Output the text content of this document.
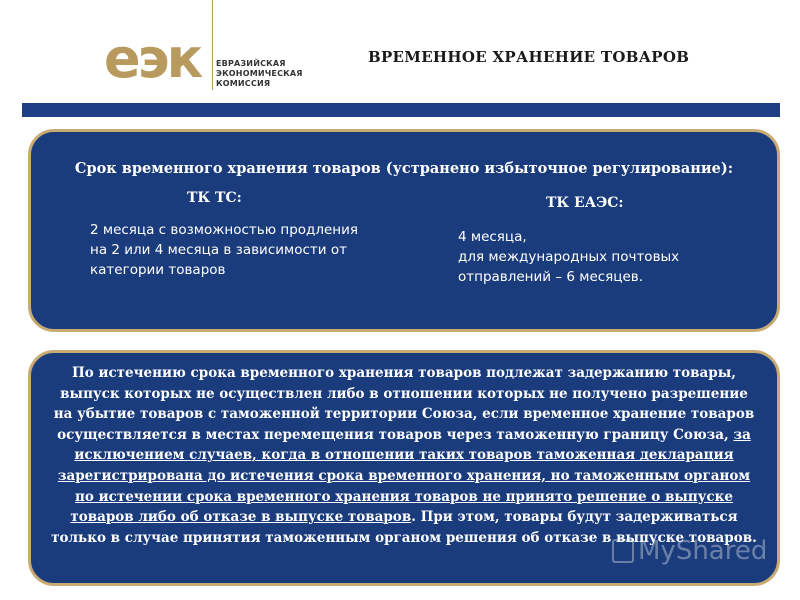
еэк ЕВРАЗИЙСКАЯ
ЭКОНОМИЧЕСКАЯ
КОМИССИЯ
ВРЕМЕННОЕ ХРАНЕНИЕ ТОВАРОВ
Срок временного хранения товаров (устранено избыточное регулирование):
ТК ТС:
2 месяца с возможностью продления на 2 или 4 месяца в зависимости от категории товаров
ТК ЕАЭС:
4 месяца,
для международных почтовых отправлений – 6 месяцев.
По истечению срока временного хранения товаров подлежат задержанию товары, выпуск которых не осуществлен либо в отношении которых не получено разрешение на убытие товаров с таможенной территории Союза, если временное хранение товаров осуществляется в местах перемещения товаров через таможенную границу Союза, за исключением случаев, когда в отношении таких товаров таможенная декларация зарегистрирована до истечения срока временного хранения, но таможенным органом по истечении срока временного хранения товаров не принято решение о выпуске товаров либо об отказе в выпуске товаров. При этом, товары будут задерживаться только в случае принятия таможенным органом решения об отказе в выпуске товаров.
MyShared
